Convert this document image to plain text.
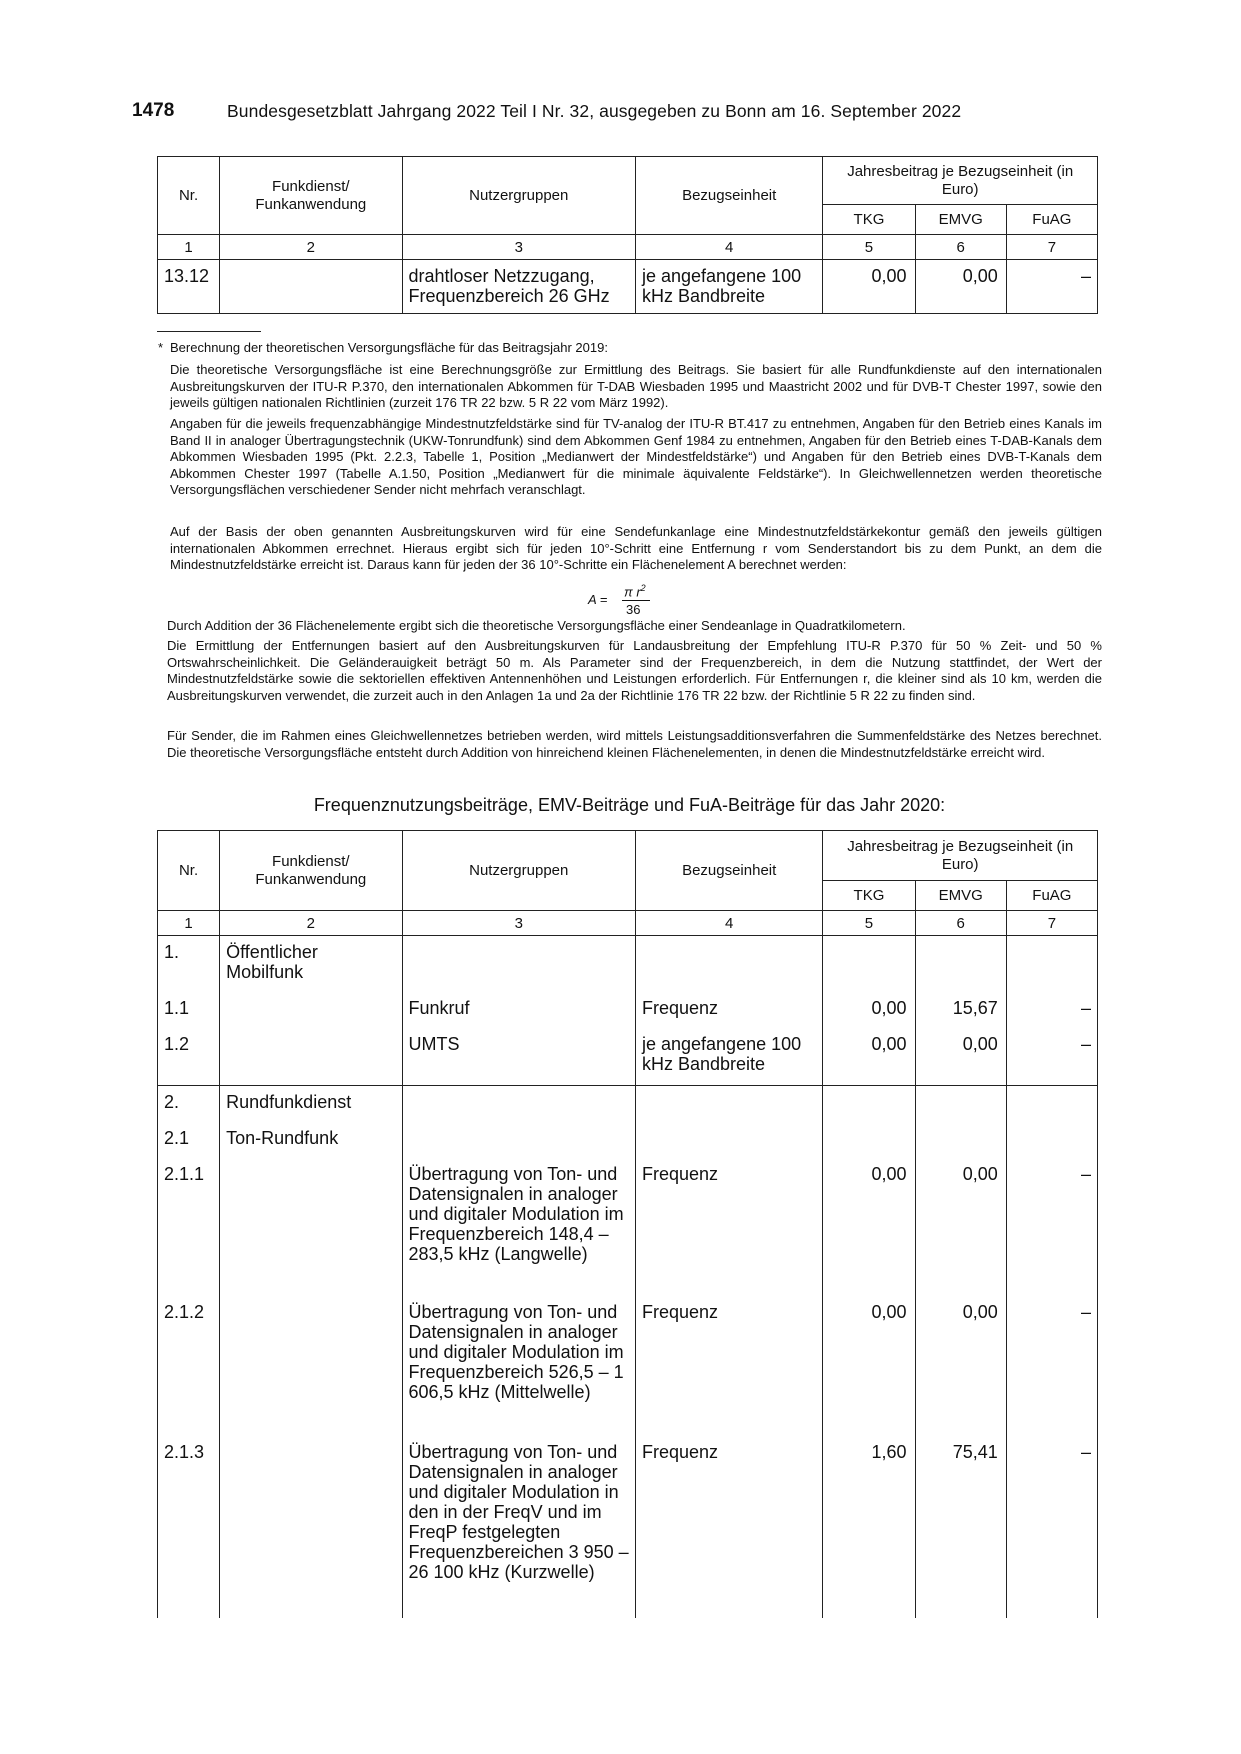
1478	Bundesgesetzblatt Jahrgang 2022 Teil I Nr. 32, ausgegeben zu Bonn am 16. September 2022
Nr.	Funkdienst/ Funkanwendung	Nutzergruppen	Bezugseinheit	Jahresbeitrag je Bezugseinheit (in Euro)		
				TKG	EMVG	FuAG
1	2	3	4	5	6	7
13.12		drahtloser Netzzugang, Frequenzbereich 26 GHz	je angefangene 100 kHz Bandbreite	0,00	0,00	–
* Berechnung der theoretischen Versorgungsfläche für das Beitragsjahr 2019:

Die theoretische Versorgungsfläche ist eine Berechnungsgröße zur Ermittlung des Beitrags. Sie basiert für alle Rundfunkdienste auf den internationalen Ausbreitungskurven der ITU-R P.370, den internationalen Abkommen für T-DAB Wiesbaden 1995 und Maastricht 2002 und für DVB-T Chester 1997, sowie den jeweils gültigen nationalen Richtlinien (zurzeit 176 TR 22 bzw. 5 R 22 vom März 1992).

Angaben für die jeweils frequenzabhängige Mindestnutzfeldstärke sind für TV-analog der ITU-R BT.417 zu entnehmen, Angaben für den Betrieb eines Kanals im Band II in analoger Übertragungstechnik (UKW-Tonrundfunk) sind dem Abkommen Genf 1984 zu entnehmen, Angaben für den Betrieb eines T-DAB-Kanals dem Abkommen Wiesbaden 1995 (Pkt. 2.2.3, Tabelle 1, Position „Medianwert der Mindestfeldstärke“) und Angaben für den Betrieb eines DVB-T-Kanals dem Abkommen Chester 1997 (Tabelle A.1.50, Position „Medianwert für die minimale äquivalente Feldstärke“). In Gleichwellennetzen werden theoretische Versorgungsflächen verschiedener Sender nicht mehrfach veranschlagt.

Auf der Basis der oben genannten Ausbreitungskurven wird für eine Sendefunkanlage eine Mindestnutzfeldstärkekontur gemäß den jeweils gültigen internationalen Abkommen errechnet. Hieraus ergibt sich für jeden 10°-Schritt eine Entfernung r vom Senderstandort bis zu dem Punkt, an dem die Mindestnutzfeldstärke erreicht ist. Daraus kann für jeden der 36 10°-Schritte ein Flächenelement A berechnet werden:

A =
π $r^2$
36

Durch Addition der 36 Flächenelemente ergibt sich die theoretische Versorgungsfläche einer Sendeanlage in Quadratkilometern.

Die Ermittlung der Entfernungen basiert auf den Ausbreitungskurven für Landausbreitung der Empfehlung ITU-R P.370 für 50 % Zeit- und 50 % Ortswahrscheinlichkeit. Die Geländerauigkeit beträgt 50 m. Als Parameter sind der Frequenzbereich, in dem die Nutzung stattfindet, der Wert der Mindestnutzfeldstärke sowie die sektoriellen effektiven Antennenhöhen und Leistungen erforderlich. Für Entfernungen r, die kleiner sind als 10 km, werden die Ausbreitungskurven verwendet, die zurzeit auch in den Anlagen 1a und 2a der Richtlinie 176 TR 22 bzw. der Richtlinie 5 R 22 zu finden sind.

Für Sender, die im Rahmen eines Gleichwellennetzes betrieben werden, wird mittels Leistungsadditionsverfahren die Summenfeldstärke des Netzes berechnet. Die theoretische Versorgungsfläche entsteht durch Addition von hinreichend kleinen Flächenelementen, in denen die Mindestnutzfeldstärke erreicht wird.

Frequenznutzungsbeiträge, EMV-Beiträge und FuA-Beiträge für das Jahr 2020:
Nr.	Funkdienst/ Funkanwendung	Nutzergruppen	Bezugseinheit	Jahresbeitrag je Bezugseinheit (in Euro)		
				TKG	EMVG	FuAG
1	2	3	4	5	6	7
1.	Öffentlicher Mobilfunk					
1.1		Funkruf	Frequenz	0,00	15,67	–
1.2		UMTS	je angefangene 100 kHz Bandbreite	0,00	0,00	–
2.	Rundfunkdienst					
2.1	Ton-Rundfunk					
2.1.1		Übertragung von Ton- und Datensignalen in analoger und digitaler Modulation im Frequenzbereich 148,4 – 283,5 kHz (Langwelle)	Frequenz	0,00	0,00	–
2.1.2		Übertragung von Ton- und Datensignalen in analoger und digitaler Modulation im Frequenzbereich 526,5 – 1 606,5 kHz (Mittelwelle)	Frequenz	0,00	0,00	–
2.1.3		Übertragung von Ton- und Datensignalen in analoger und digitaler Modulation in den in der FreqV und im FreqP festgelegten Frequenzbereichen 3 950 – 26 100 kHz (Kurzwelle)	Frequenz	1,60	75,41	–
